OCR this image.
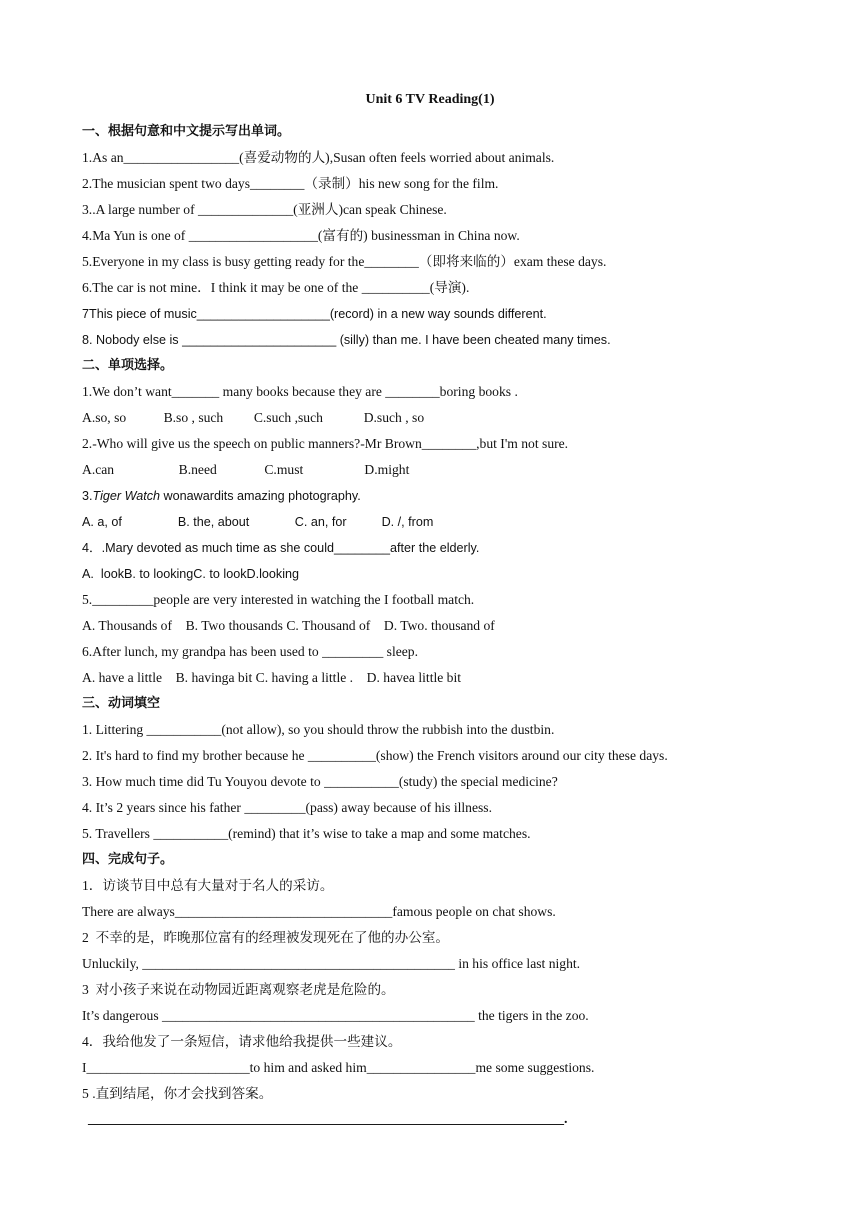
Unit 6 TV Reading(1)
一、根据句意和中文提示写出单词。
1.As an_________________(喜爱动物的人),Susan often feels worried about animals.
2.The musician spent two days________（录制）his new song for the film.
3..A large number of ______________(亚洲人)can speak Chinese.
4.Ma Yun is one of ___________________(富有的) businessman in China now.
5.Everyone in my class is busy getting ready for the________（即将来临的）exam these days.
6.The car is not mine．I think it may be one of the __________(导演).
7This piece of music___________________(record) in a new way sounds different.
8. Nobody else is ______________________ (silly) than me. I have been cheated many times.
二、单项选择。
1.We don’t want_______ many books because they are ________boring books .
A.so, so           B.so , such         C.such ,such            D.such , so
2.-Who will give us the speech on public manners?-Mr Brown________,but I'm not sure.
A.can                   B.need              C.must                  D.might
3.Tiger Watch wonawardits amazing photography.
A. a, of                B. the, about             C. an, for          D. /, from
4．.Mary devoted as much time as she could________after the elderly.
A.  lookB. to lookingC. to lookD.looking
5._________people are very interested in watching the I football match.
A. Thousands of    B. Two thousands C. Thousand of    D. Two. thousand of
6.After lunch, my grandpa has been used to _________ sleep.
A. have a little    B. havinga bit C. having a little .    D. havea little bit
三、动词填空
1. Littering ___________(not allow), so you should throw the rubbish into the dustbin.
2. It's hard to find my brother because he __________(show) the French visitors around our city these days.
3. How much time did Tu Youyou devote to ___________(study) the special medicine?
4. It’s 2 years since his father _________(pass) away because of his illness.
5. Travellers ___________(remind) that it’s wise to take a map and some matches.
四、完成句子。
1．访谈节目中总有大量对于名人的采访。
There are always________________________________famous people on chat shows.
2  不幸的是，昨晚那位富有的经理被发现死在了他的办公室。
Unluckily, ______________________________________________ in his office last night.
3  对小孩子来说在动物园近距离观察老虎是危险的。
It’s dangerous ______________________________________________ the tigers in the zoo.
4．我给他发了一条短信，请求他给我提供一些建议。
I________________________to him and asked him________________me some suggestions.
5 .直到结尾，你才会找到答案。
____________________________________________________________________.
